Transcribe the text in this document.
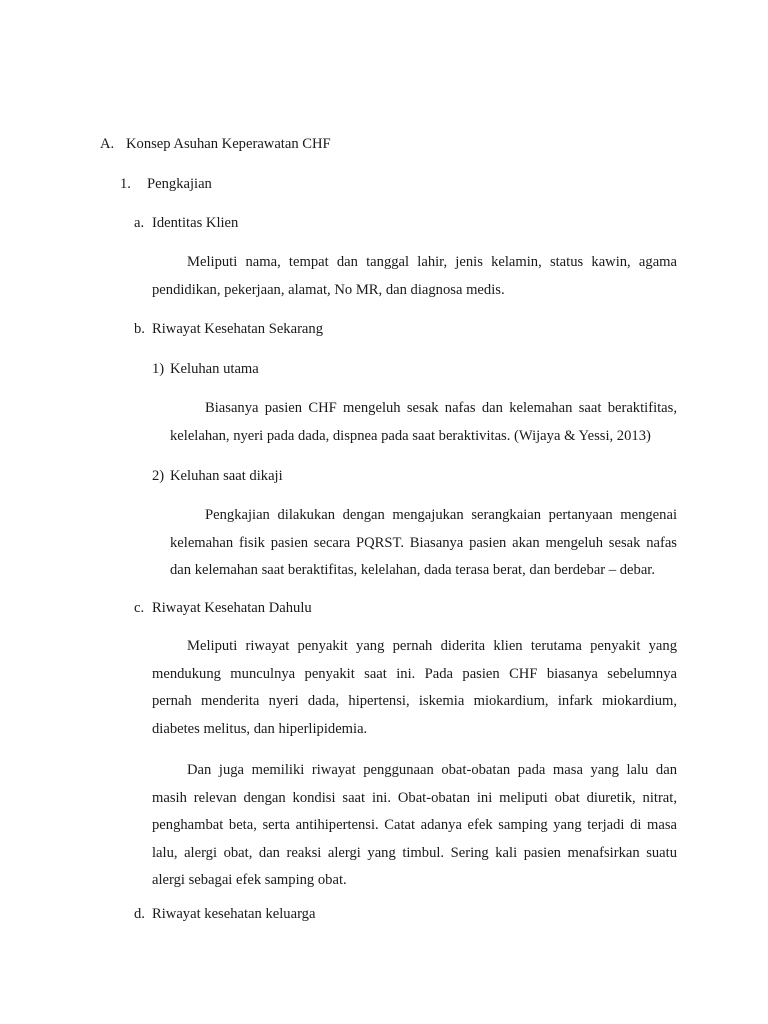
A. Konsep Asuhan Keperawatan CHF
1. Pengkajian
a. Identitas Klien
Meliputi nama, tempat dan tanggal lahir, jenis kelamin, status kawin, agama
pendidikan, pekerjaan, alamat, No MR, dan diagnosa medis.
b. Riwayat Kesehatan Sekarang
1) Keluhan utama
Biasanya pasien CHF mengeluh sesak nafas dan kelemahan saat beraktifitas,
kelelahan, nyeri pada dada, dispnea pada saat beraktivitas. (Wijaya & Yessi, 2013)
2) Keluhan saat dikaji
Pengkajian dilakukan dengan mengajukan serangkaian pertanyaan mengenai
kelemahan fisik pasien secara PQRST. Biasanya pasien akan mengeluh sesak nafas
dan kelemahan saat beraktifitas, kelelahan, dada terasa berat, dan berdebar – debar.
c. Riwayat Kesehatan Dahulu
Meliputi riwayat penyakit yang pernah diderita klien terutama penyakit yang
mendukung munculnya penyakit saat ini. Pada pasien CHF biasanya sebelumnya
pernah menderita nyeri dada, hipertensi, iskemia miokardium, infark miokardium,
diabetes melitus, dan hiperlipidemia.
Dan juga memiliki riwayat penggunaan obat-obatan pada masa yang lalu dan
masih relevan dengan kondisi saat ini. Obat-obatan ini meliputi obat diuretik, nitrat,
penghambat beta, serta antihipertensi. Catat adanya efek samping yang terjadi di masa
lalu, alergi obat, dan reaksi alergi yang timbul. Sering kali pasien menafsirkan suatu
alergi sebagai efek samping obat.
d. Riwayat kesehatan keluarga
